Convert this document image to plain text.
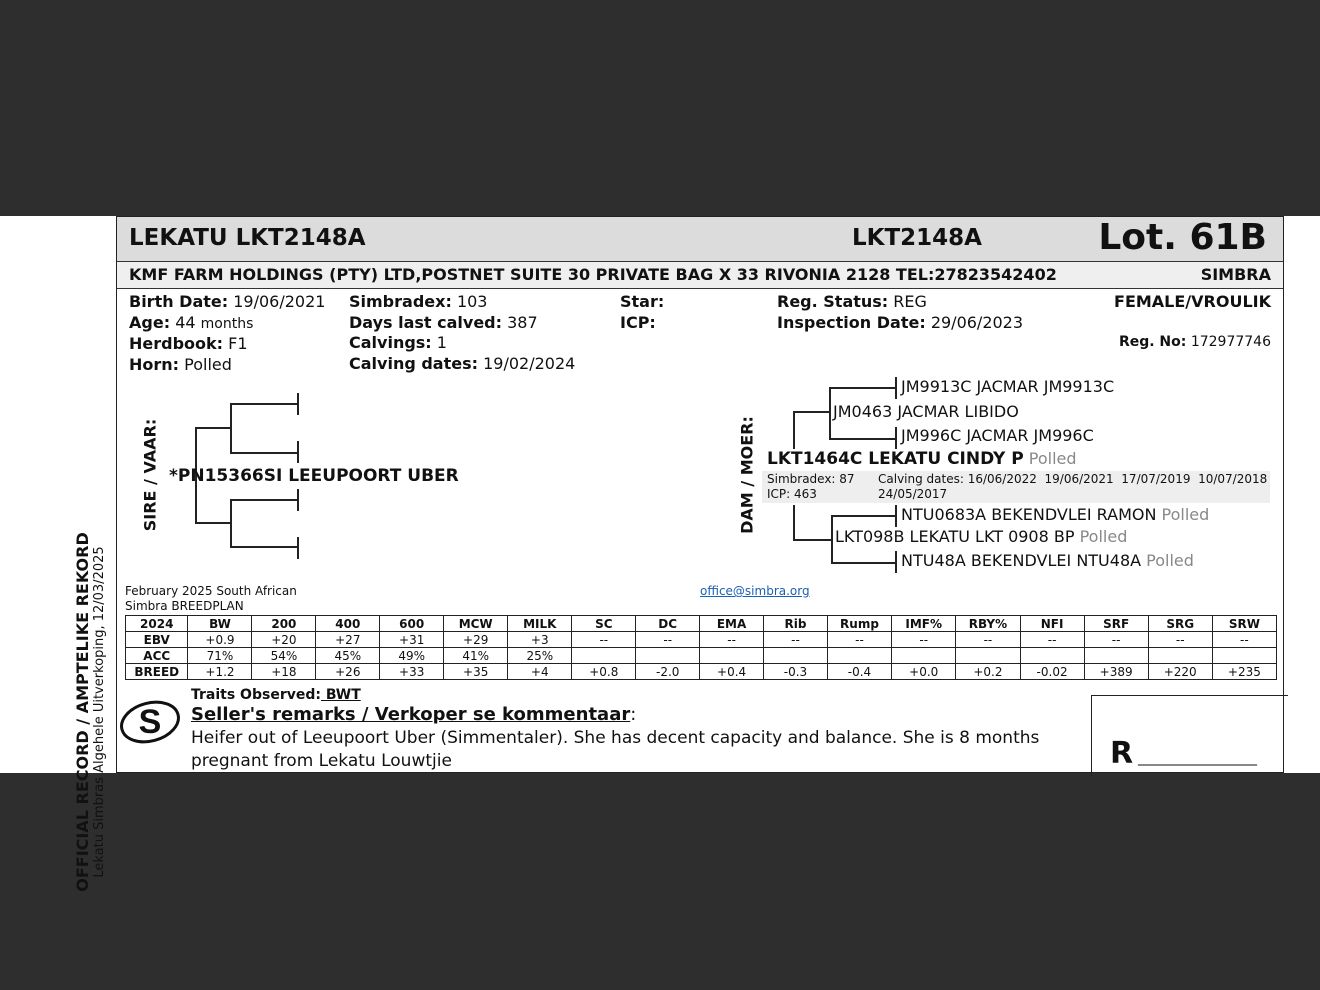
OFFICIAL RECORD / AMPTELIKE REKORD Lekatu Simbras Algehele Uitverkoping, 12/03/2025
LEKATU LKT2148A	LKT2148A	Lot. 61B
KMF FARM HOLDINGS (PTY) LTD,POSTNET SUITE 30 PRIVATE BAG X 33 RIVONIA 2128 TEL:27823542402	SIMBRA
Birth Date: 19/06/2021
Age: 44 months
Herdbook: F1
Horn: Polled
Simbradex: 103
Days last calved: 387
Calvings: 1
Calving dates: 19/02/2024
Star:
ICP:
Reg. Status: REG
Inspection Date: 29/06/2023
FEMALE/VROULIK
Reg. No: 172977746
SIRE / VAAR: *PN15366SI LEEUPOORT UBER	DAM / MOER:
JM9913C JACMAR JM9913C
JM0463 JACMAR LIBIDO
JM996C JACMAR JM996C
LKT1464C LEKATU CINDY P Polled
Simbradex: 87
ICP: 463
Calving dates: 16/06/2022  19/06/2021  17/07/2019  10/07/2018
24/05/2017
NTU0683A BEKENDVLEI RAMON Polled
LKT098B LEKATU LKT 0908 BP Polled
NTU48A BEKENDVLEI NTU48A Polled
February 2025 South African
Simbra BREEDPLAN
office@simbra.org
2024	BW	200	400	600	MCW	MILK	SC	DC	EMA	Rib	Rump	IMF%	RBY%	NFI	SRF	SRG	SRW
EBV	+0.9	+20	+27	+31	+29	+3	--	--	--	--	--	--	--	--	--	--	--
ACC	71%	54%	45%	49%	41%	25%											
BREED	+1.2	+18	+26	+33	+35	+4	+0.8	-2.0	+0.4	-0.3	-0.4	+0.0	+0.2	-0.02	+389	+220	+235
S
Traits Observed: BWT
Seller's remarks / Verkoper se kommentaar:
Heifer out of Leeupoort Uber (Simmentaler). She has decent capacity and balance. She is 8 months pregnant from Lekatu Louwtjie	R _________________
